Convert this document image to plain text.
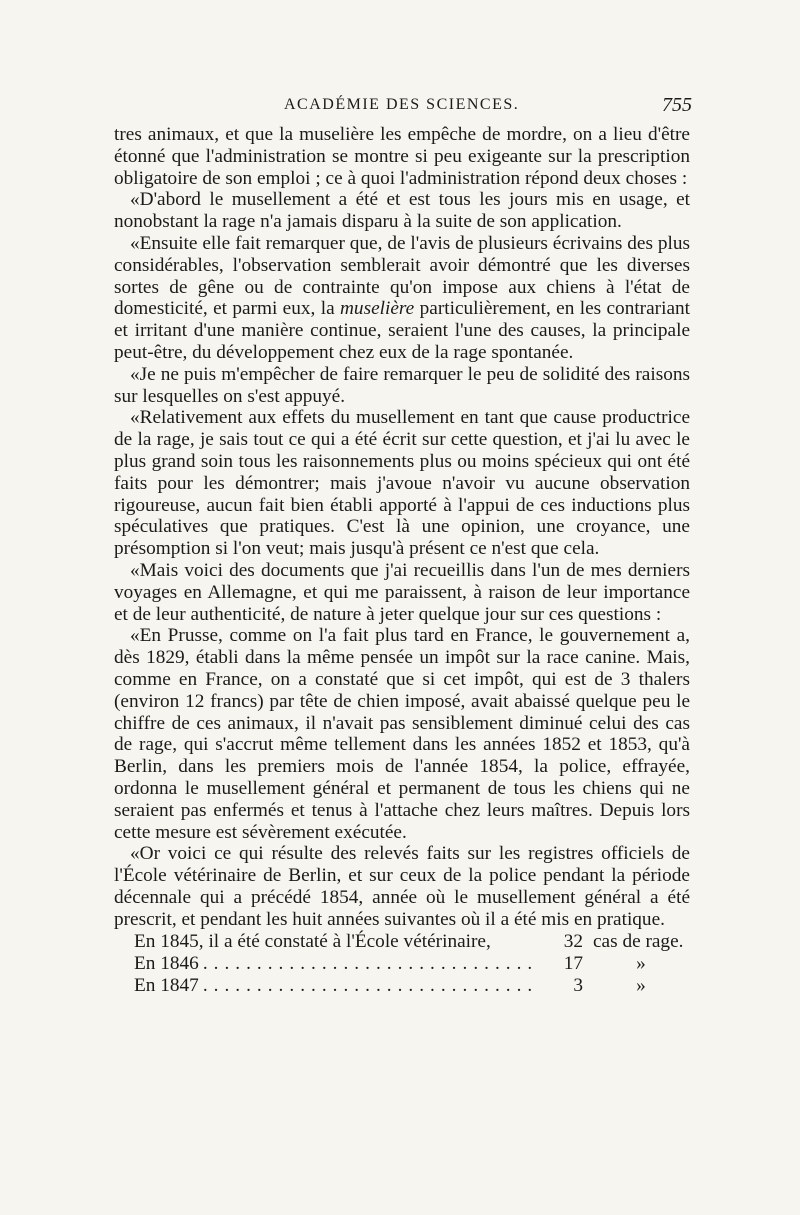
ACADÉMIE DES SCIENCES.	755

tres animaux, et que la muselière les empêche de mordre, on a lieu d'être étonné que l'administration se montre si peu exigeante sur la prescription obligatoire de son emploi ; ce à quoi l'administration répond deux choses :

«D'abord le musellement a été et est tous les jours mis en usage, et nonobstant la rage n'a jamais disparu à la suite de son application.

«Ensuite elle fait remarquer que, de l'avis de plusieurs écrivains des plus considérables, l'observation semblerait avoir démontré que les diverses sortes de gêne ou de contrainte qu'on impose aux chiens à l'état de domesticité, et parmi eux, la muselière particulièrement, en les contrariant et irritant d'une manière continue, seraient l'une des causes, la principale peut-être, du développement chez eux de la rage spontanée.

«Je ne puis m'empêcher de faire remarquer le peu de solidité des raisons sur lesquelles on s'est appuyé.

«Relativement aux effets du musellement en tant que cause productrice de la rage, je sais tout ce qui a été écrit sur cette question, et j'ai lu avec le plus grand soin tous les raisonnements plus ou moins spécieux qui ont été faits pour les démontrer; mais j'avoue n'avoir vu aucune observation rigoureuse, aucun fait bien établi apporté à l'appui de ces inductions plus spéculatives que pratiques. C'est là une opinion, une croyance, une présomption si l'on veut; mais jusqu'à présent ce n'est que cela.

«Mais voici des documents que j'ai recueillis dans l'un de mes derniers voyages en Allemagne, et qui me paraissent, à raison de leur importance et de leur authenticité, de nature à jeter quelque jour sur ces questions :

«En Prusse, comme on l'a fait plus tard en France, le gouvernement a, dès 1829, établi dans la même pensée un impôt sur la race canine. Mais, comme en France, on a constaté que si cet impôt, qui est de 3 thalers (environ 12 francs) par tête de chien imposé, avait abaissé quelque peu le chiffre de ces animaux, il n'avait pas sensiblement diminué celui des cas de rage, qui s'accrut même tellement dans les années 1852 et 1853, qu'à Berlin, dans les premiers mois de l'année 1854, la police, effrayée, ordonna le musellement général et permanent de tous les chiens qui ne seraient pas enfermés et tenus à l'attache chez leurs maîtres. Depuis lors cette mesure est sévèrement exécutée.

«Or voici ce qui résulte des relevés faits sur les registres officiels de l'École vétérinaire de Berlin, et sur ceux de la police pendant la période décennale qui a précédé 1854, année où le musellement général a été prescrit, et pendant les huit années suivantes où il a été mis en pratique.

En 1845, il a été constaté à l'École vétérinaire,	32 cas de rage.
En 1846 .....	17	»
En 1847 .....	3	»
